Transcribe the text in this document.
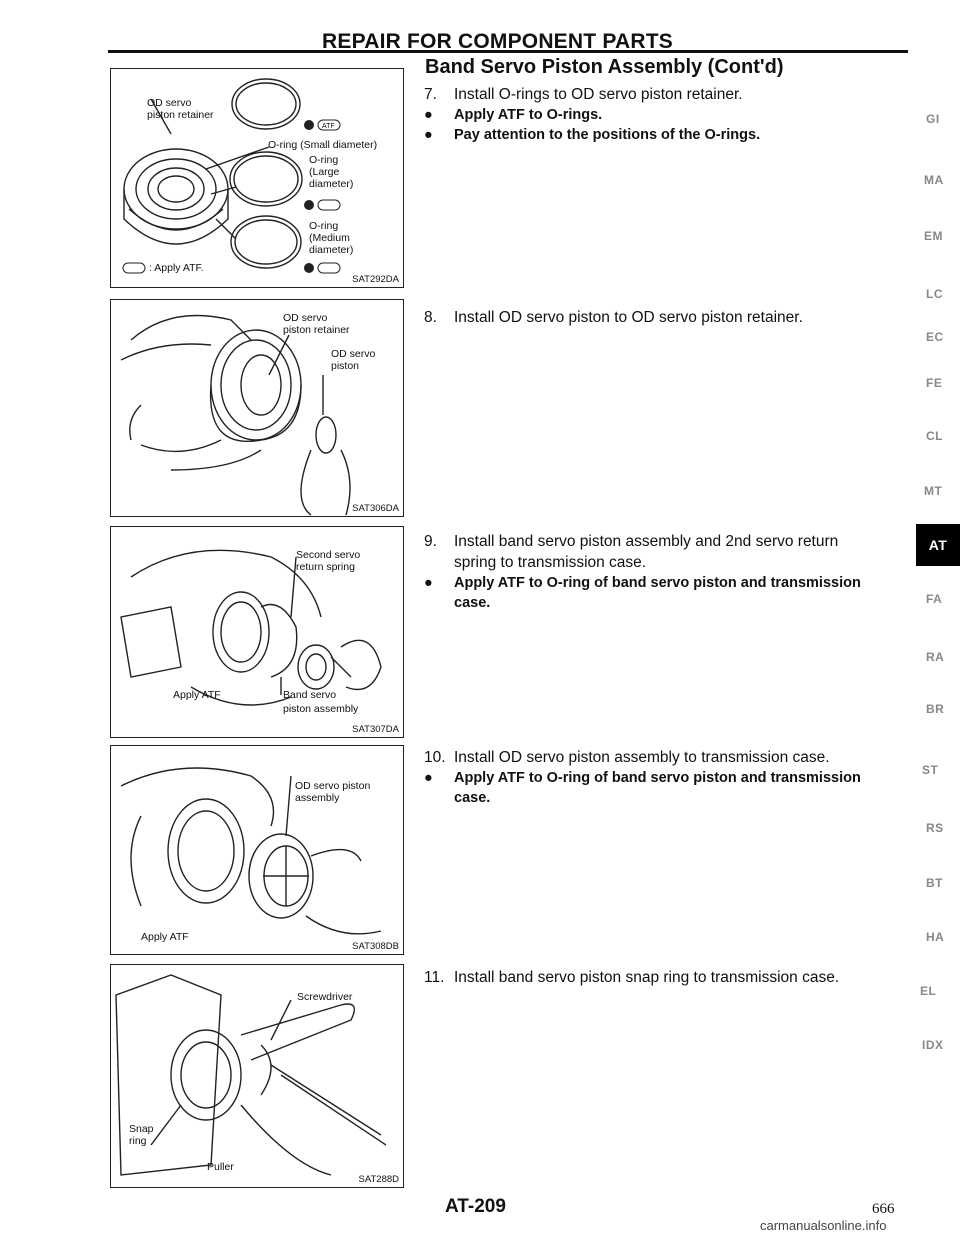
REPAIR FOR COMPONENT PARTS
Band Servo Piston Assembly (Cont'd)
OD servo
piston retainer
O-ring (Small diameter)
O-ring
(Large
diameter)
O-ring
(Medium
diameter)
: Apply ATF.
ATF
SAT292DA
OD servo
piston retainer
OD servo
piston
SAT306DA
Second servo
return spring
Apply ATF	Band servo
piston assembly
SAT307DA
OD servo piston
assembly
Apply ATF
SAT308DB
Screwdriver
Snap
ring
Puller
SAT288D
7. Install O-rings to OD servo piston retainer.
● Apply ATF to O-rings.
● Pay attention to the positions of the O-rings.
8. Install OD servo piston to OD servo piston retainer.
9. Install band servo piston assembly and 2nd servo return
spring to transmission case.
● Apply ATF to O-ring of band servo piston and transmission
case.
10. Install OD servo piston assembly to transmission case.
● Apply ATF to O-ring of band servo piston and transmission
case.
11. Install band servo piston snap ring to transmission case.
GI
MA
EM
LC
EC
FE
CL
MT
AT
FA
RA
BR
ST
RS
BT
HA
EL
IDX
AT-209	666
carmanualsonline.info
